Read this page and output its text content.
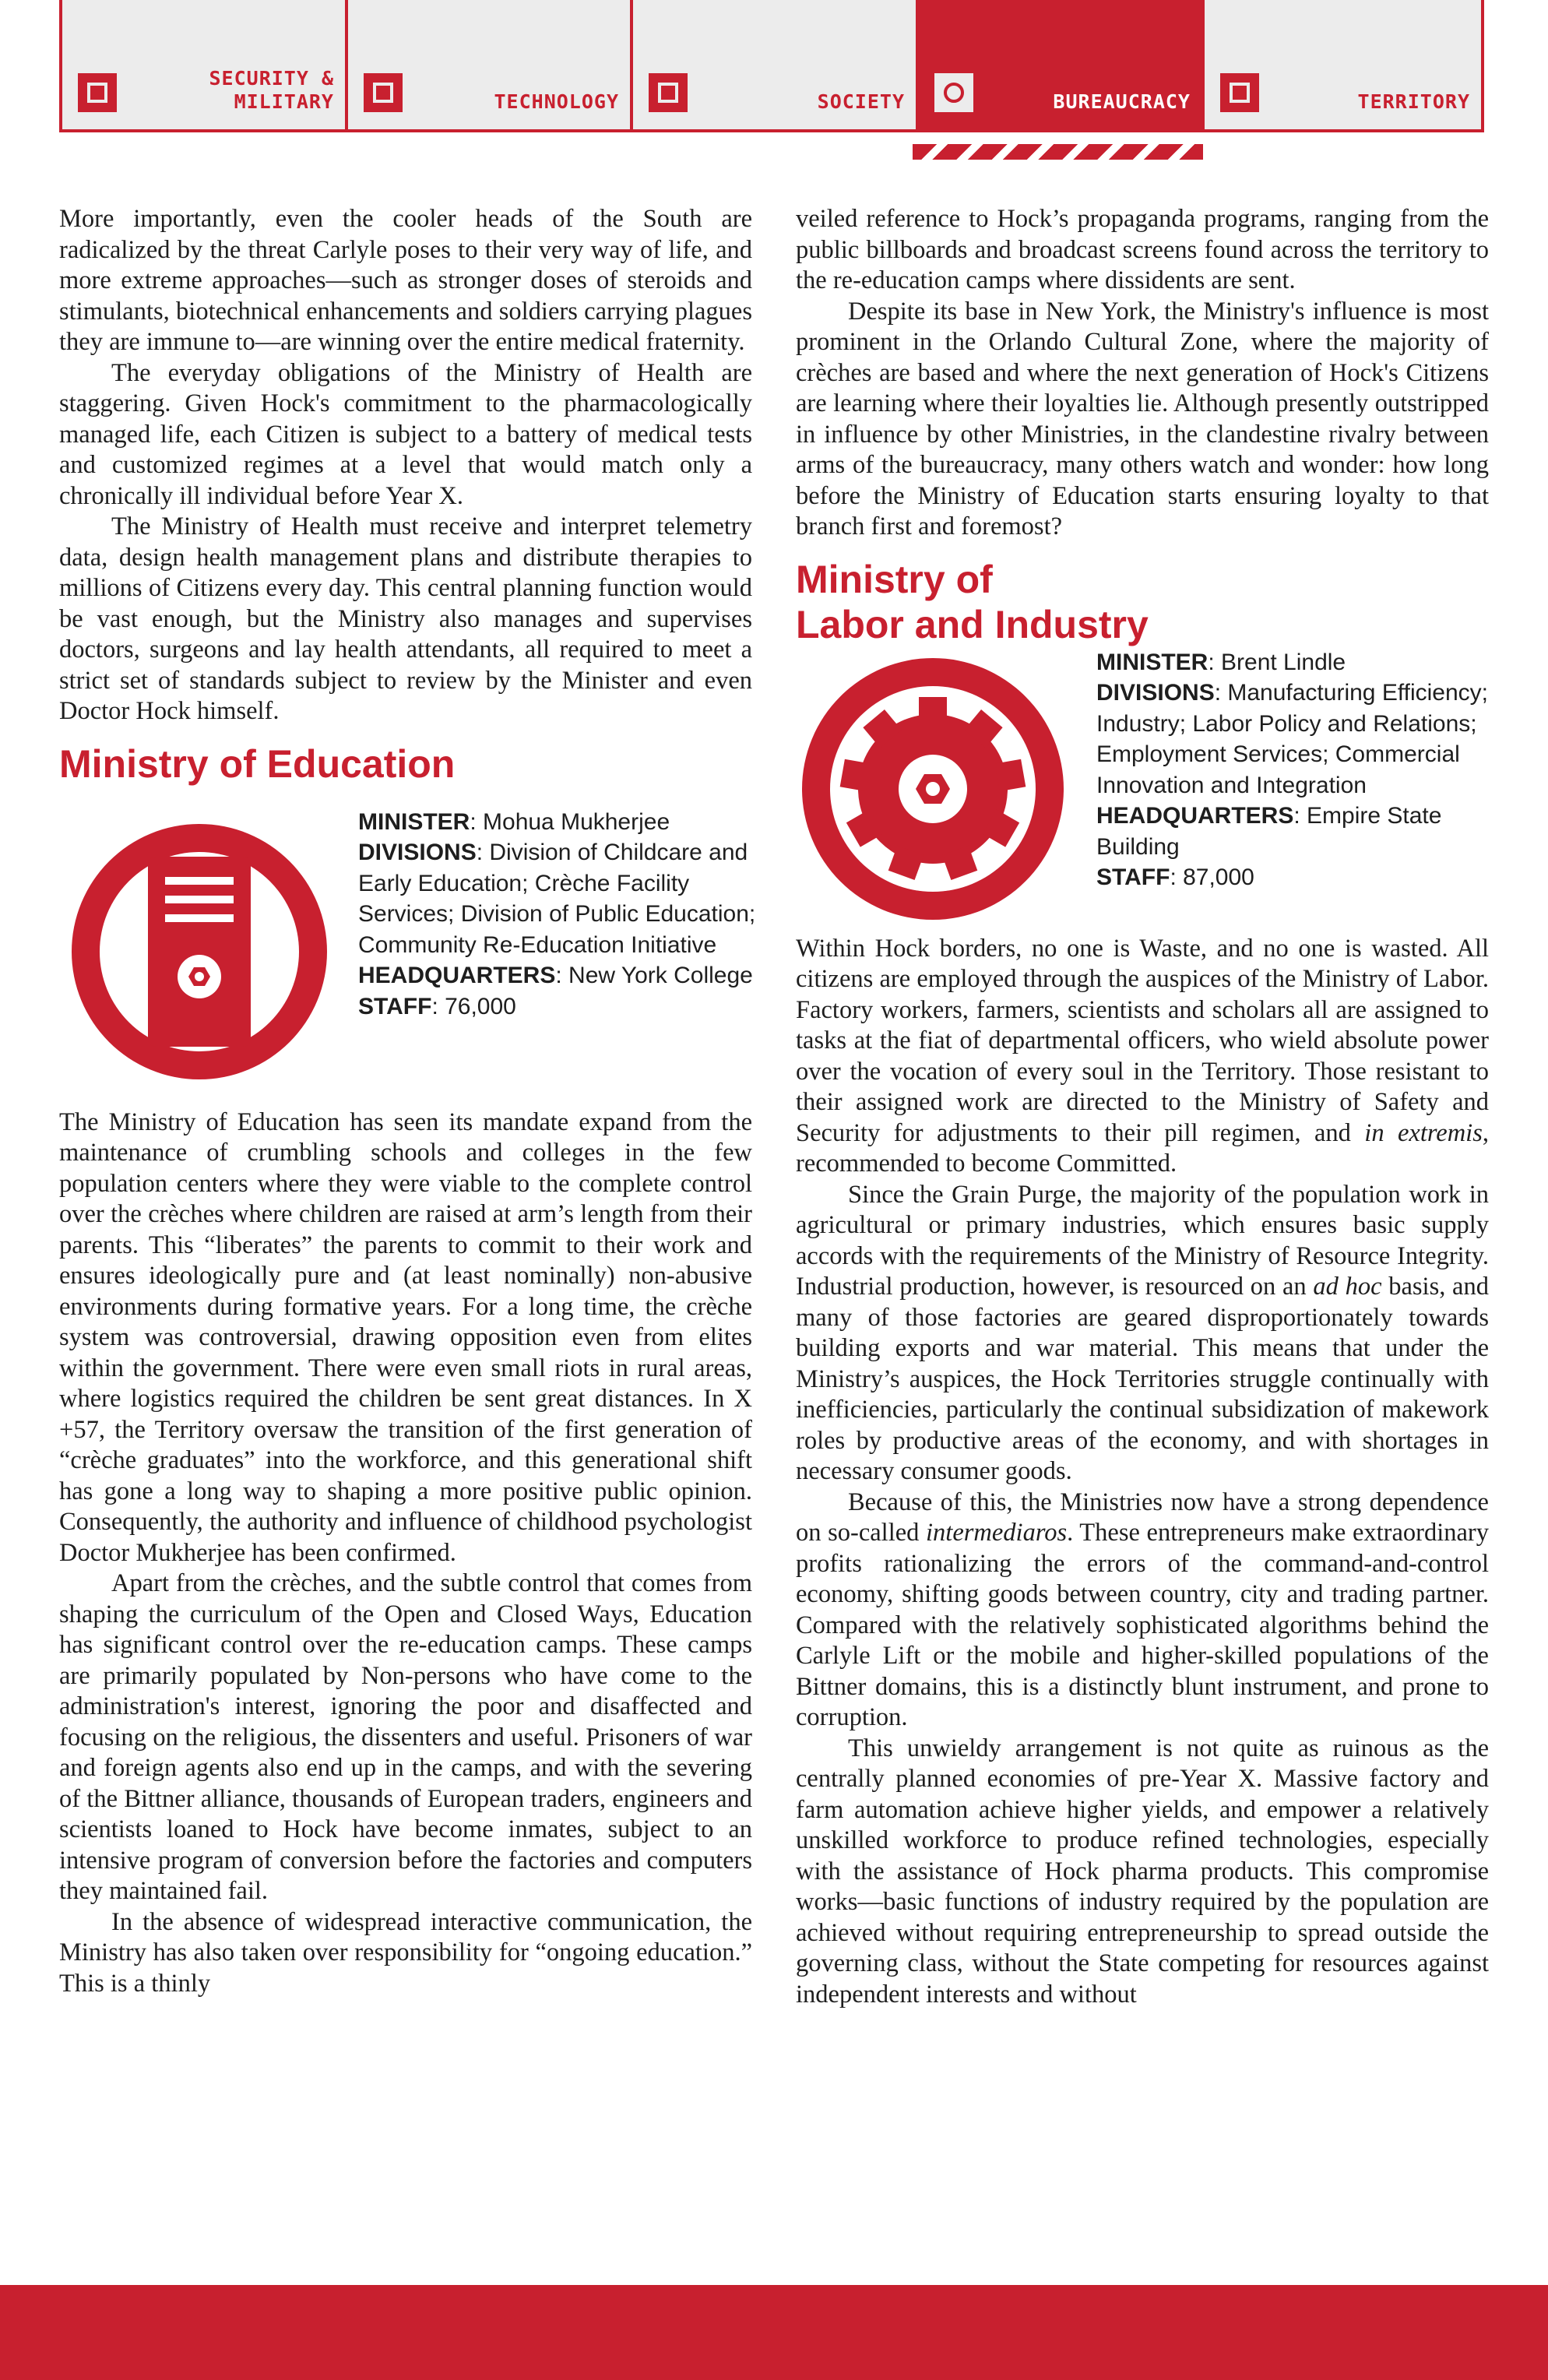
SECURITY &
MILITARY	TECHNOLOGY	SOCIETY	BUREAUCRACY	TERRITORY

More importantly, even the cooler heads of the South are radicalized by the threat Carlyle poses to their very way of life, and more extreme approaches—such as stronger doses of steroids and stimulants, biotechnical enhancements and soldiers carrying plagues they are immune to—are winning over the entire medical fraternity.

The everyday obligations of the Ministry of Health are staggering. Given Hock's commitment to the pharmacologically managed life, each Citizen is subject to a battery of medical tests and customized regimes at a level that would match only a chronically ill individual before Year X.

The Ministry of Health must receive and interpret telemetry data, design health management plans and distribute therapies to millions of Citizens every day. This central planning function would be vast enough, but the Ministry also manages and supervises doctors, surgeons and lay health attendants, all required to meet a strict set of standards subject to review by the Minister and even Doctor Hock himself.

Ministry of Education
MINISTER: Mohua Mukherjee
DIVISIONS: Division of Childcare and Early Education; Crèche Facility Services; Division of Public Education; Community Re-Education Initiative
HEADQUARTERS: New York College
STAFF: 76,000

The Ministry of Education has seen its mandate expand from the maintenance of crumbling schools and colleges in the few population centers where they were viable to the complete control over the crèches where children are raised at arm’s length from their parents. This “liberates” the parents to commit to their work and ensures ideologically pure and (at least nominally) non-abusive environments during formative years. For a long time, the crèche system was controversial, drawing opposition even from elites within the government. There were even small riots in rural areas, where logistics required the children be sent great distances. In X +57, the Territory oversaw the transition of the first generation of “crèche graduates” into the workforce, and this generational shift has gone a long way to shaping a more positive public opinion. Consequently, the authority and influence of childhood psychologist Doctor Mukherjee has been confirmed.

Apart from the crèches, and the subtle control that comes from shaping the curriculum of the Open and Closed Ways, Education has significant control over the re-education camps. These camps are primarily populated by Non-persons who have come to the administration's interest, ignoring the poor and disaffected and focusing on the religious, the dissenters and useful. Prisoners of war and foreign agents also end up in the camps, and with the severing of the Bittner alliance, thousands of European traders, engineers and scientists loaned to Hock have become inmates, subject to an intensive program of conversion before the factories and computers they maintained fail.

In the absence of widespread interactive communication, the Ministry has also taken over responsibility for “ongoing education.” This is a thinly

veiled reference to Hock’s propaganda programs, ranging from the public billboards and broadcast screens found across the territory to the re-education camps where dissidents are sent.

Despite its base in New York, the Ministry's influence is most prominent in the Orlando Cultural Zone, where the majority of crèches are based and where the next generation of Hock's Citizens are learning where their loyalties lie. Although presently outstripped in influence by other Ministries, in the clandestine rivalry between arms of the bureaucracy, many others watch and wonder: how long before the Ministry of Education starts ensuring loyalty to that branch first and foremost?

Ministry of
Labor and Industry
MINISTER: Brent Lindle
DIVISIONS: Manufacturing Efficiency; Industry; Labor Policy and Relations; Employment Services; Commercial Innovation and Integration
HEADQUARTERS: Empire State Building
STAFF: 87,000

Within Hock borders, no one is Waste, and no one is wasted. All citizens are employed through the auspices of the Ministry of Labor. Factory workers, farmers, scientists and scholars all are assigned to tasks at the fiat of departmental officers, who wield absolute power over the vocation of every soul in the Territory. Those resistant to their assigned work are directed to the Ministry of Safety and Security for adjustments to their pill regimen, and in extremis, recommended to become Committed.

Since the Grain Purge, the majority of the population work in agricultural or primary industries, which ensures basic supply accords with the requirements of the Ministry of Resource Integrity. Industrial production, however, is resourced on an ad hoc basis, and many of those factories are geared disproportionately towards building exports and war material. This means that under the Ministry’s auspices, the Hock Territories struggle continually with inefficiencies, particularly the continual subsidization of makework roles by productive areas of the economy, and with shortages in necessary consumer goods.

Because of this, the Ministries now have a strong dependence on so-called intermediaros. These entrepreneurs make extraordinary profits rationalizing the errors of the command-and-control economy, shifting goods between country, city and trading partner. Compared with the relatively sophisticated algorithms behind the Carlyle Lift or the mobile and higher-skilled populations of the Bittner domains, this is a distinctly blunt instrument, and prone to corruption.

This unwieldy arrangement is not quite as ruinous as the centrally planned economies of pre-Year X. Massive factory and farm automation achieve higher yields, and empower a relatively unskilled workforce to produce refined technologies, especially with the assistance of Hock pharma products. This compromise works—basic functions of industry required by the population are achieved without requiring entrepreneurship to spread outside the governing class, without the State competing for resources against independent interests and without
